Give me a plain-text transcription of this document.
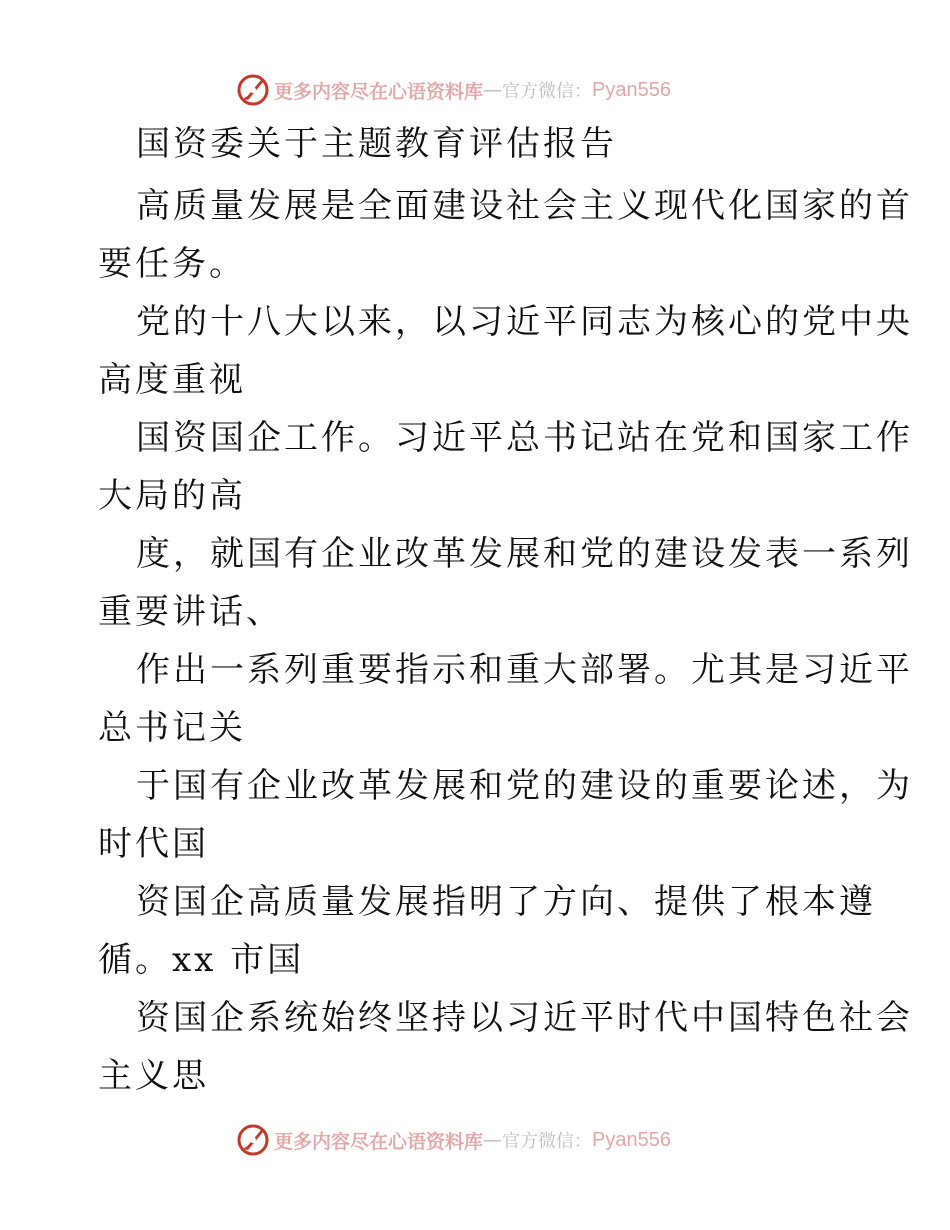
更多内容尽在心语资料库 — 官方微信： Pyan556
国资委关于主题教育评估报告
高质量发展是全面建设社会主义现代化国家的首
要任务。
党的十八大以来，以习近平同志为核心的党中央
高度重视
国资国企工作。习近平总书记站在党和国家工作
大局的高
度，就国有企业改革发展和党的建设发表一系列
重要讲话、
作出一系列重要指示和重大部署。尤其是习近平
总书记关
于国有企业改革发展和党的建设的重要论述，为
时代国
资国企高质量发展指明了方向、提供了根本遵
循。xx 市国
资国企系统始终坚持以习近平时代中国特色社会
主义思
更多内容尽在心语资料库 — 官方微信： Pyan556
